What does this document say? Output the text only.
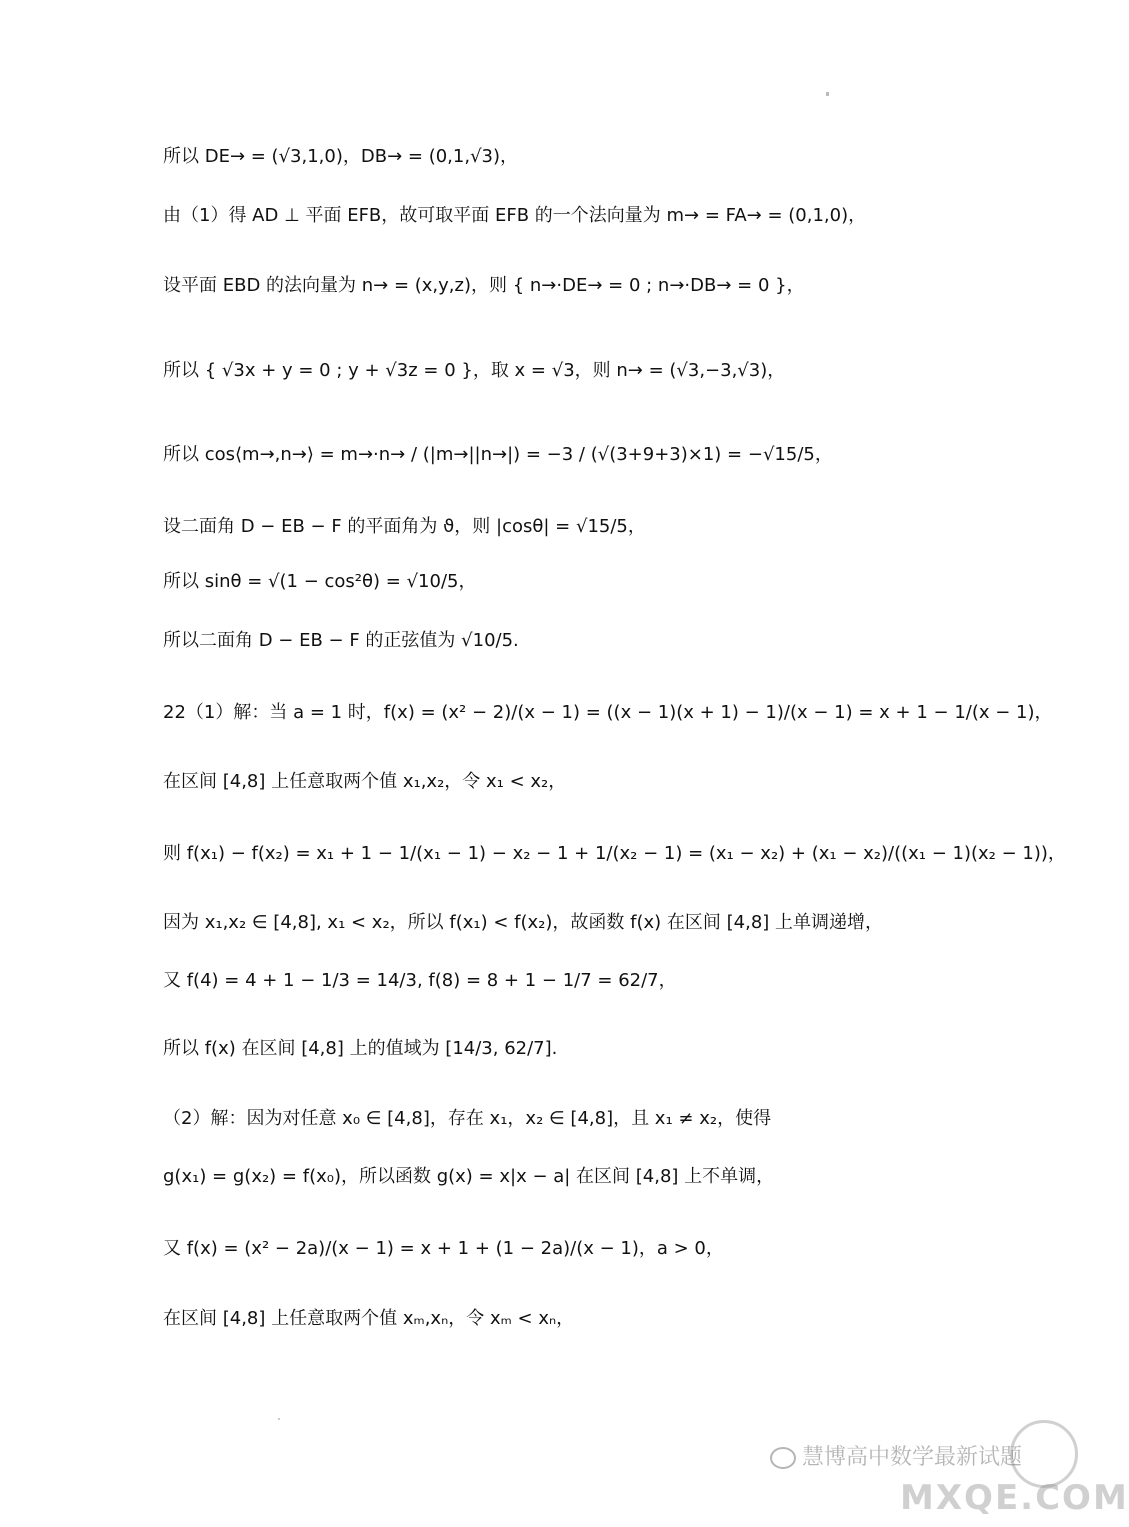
所以 DE→ = (√3,1,0)，DB→ = (0,1,√3)，
由（1）得 AD ⊥ 平面 EFB，故可取平面 EFB 的一个法向量为 m→ = FA→ = (0,1,0)，
设平面 EBD 的法向量为 n→ = (x,y,z)，则 { n→·DE→ = 0 ; n→·DB→ = 0 }，
所以 { √3x + y = 0 ; y + √3z = 0 }，取 x = √3，则 n→ = (√3,−3,√3)，
所以 cos⟨m→,n→⟩ = m→·n→ / (|m→||n→|) = −3 / (√(3+9+3)×1) = −√15/5，
设二面角 D − EB − F 的平面角为 ϑ，则 |cosθ| = √15/5，
所以 sinθ = √(1 − cos²θ) = √10/5，
所以二面角 D − EB − F 的正弦值为 √10/5.
22（1）解：当 a = 1 时，f(x) = (x² − 2)/(x − 1) = ((x − 1)(x + 1) − 1)/(x − 1) = x + 1 − 1/(x − 1)，
在区间 [4,8] 上任意取两个值 x₁,x₂，令 x₁ < x₂，
则 f(x₁) − f(x₂) = x₁ + 1 − 1/(x₁ − 1) − x₂ − 1 + 1/(x₂ − 1) = (x₁ − x₂) + (x₁ − x₂)/((x₁ − 1)(x₂ − 1))，
因为 x₁,x₂ ∈ [4,8], x₁ < x₂，所以 f(x₁) < f(x₂)，故函数 f(x) 在区间 [4,8] 上单调递增，
又 f(4) = 4 + 1 − 1/3 = 14/3, f(8) = 8 + 1 − 1/7 = 62/7，
所以 f(x) 在区间 [4,8] 上的值域为 [14/3, 62/7].
（2）解：因为对任意 x₀ ∈ [4,8]，存在 x₁，x₂ ∈ [4,8]，且 x₁ ≠ x₂，使得
g(x₁) = g(x₂) = f(x₀)，所以函数 g(x) = x|x − a| 在区间 [4,8] 上不单调，
又 f(x) = (x² − 2a)/(x − 1) = x + 1 + (1 − 2a)/(x − 1)，a > 0，
在区间 [4,8] 上任意取两个值 xₘ,xₙ，令 xₘ < xₙ，
慧博高中数学最新试题
MXQE.COM
